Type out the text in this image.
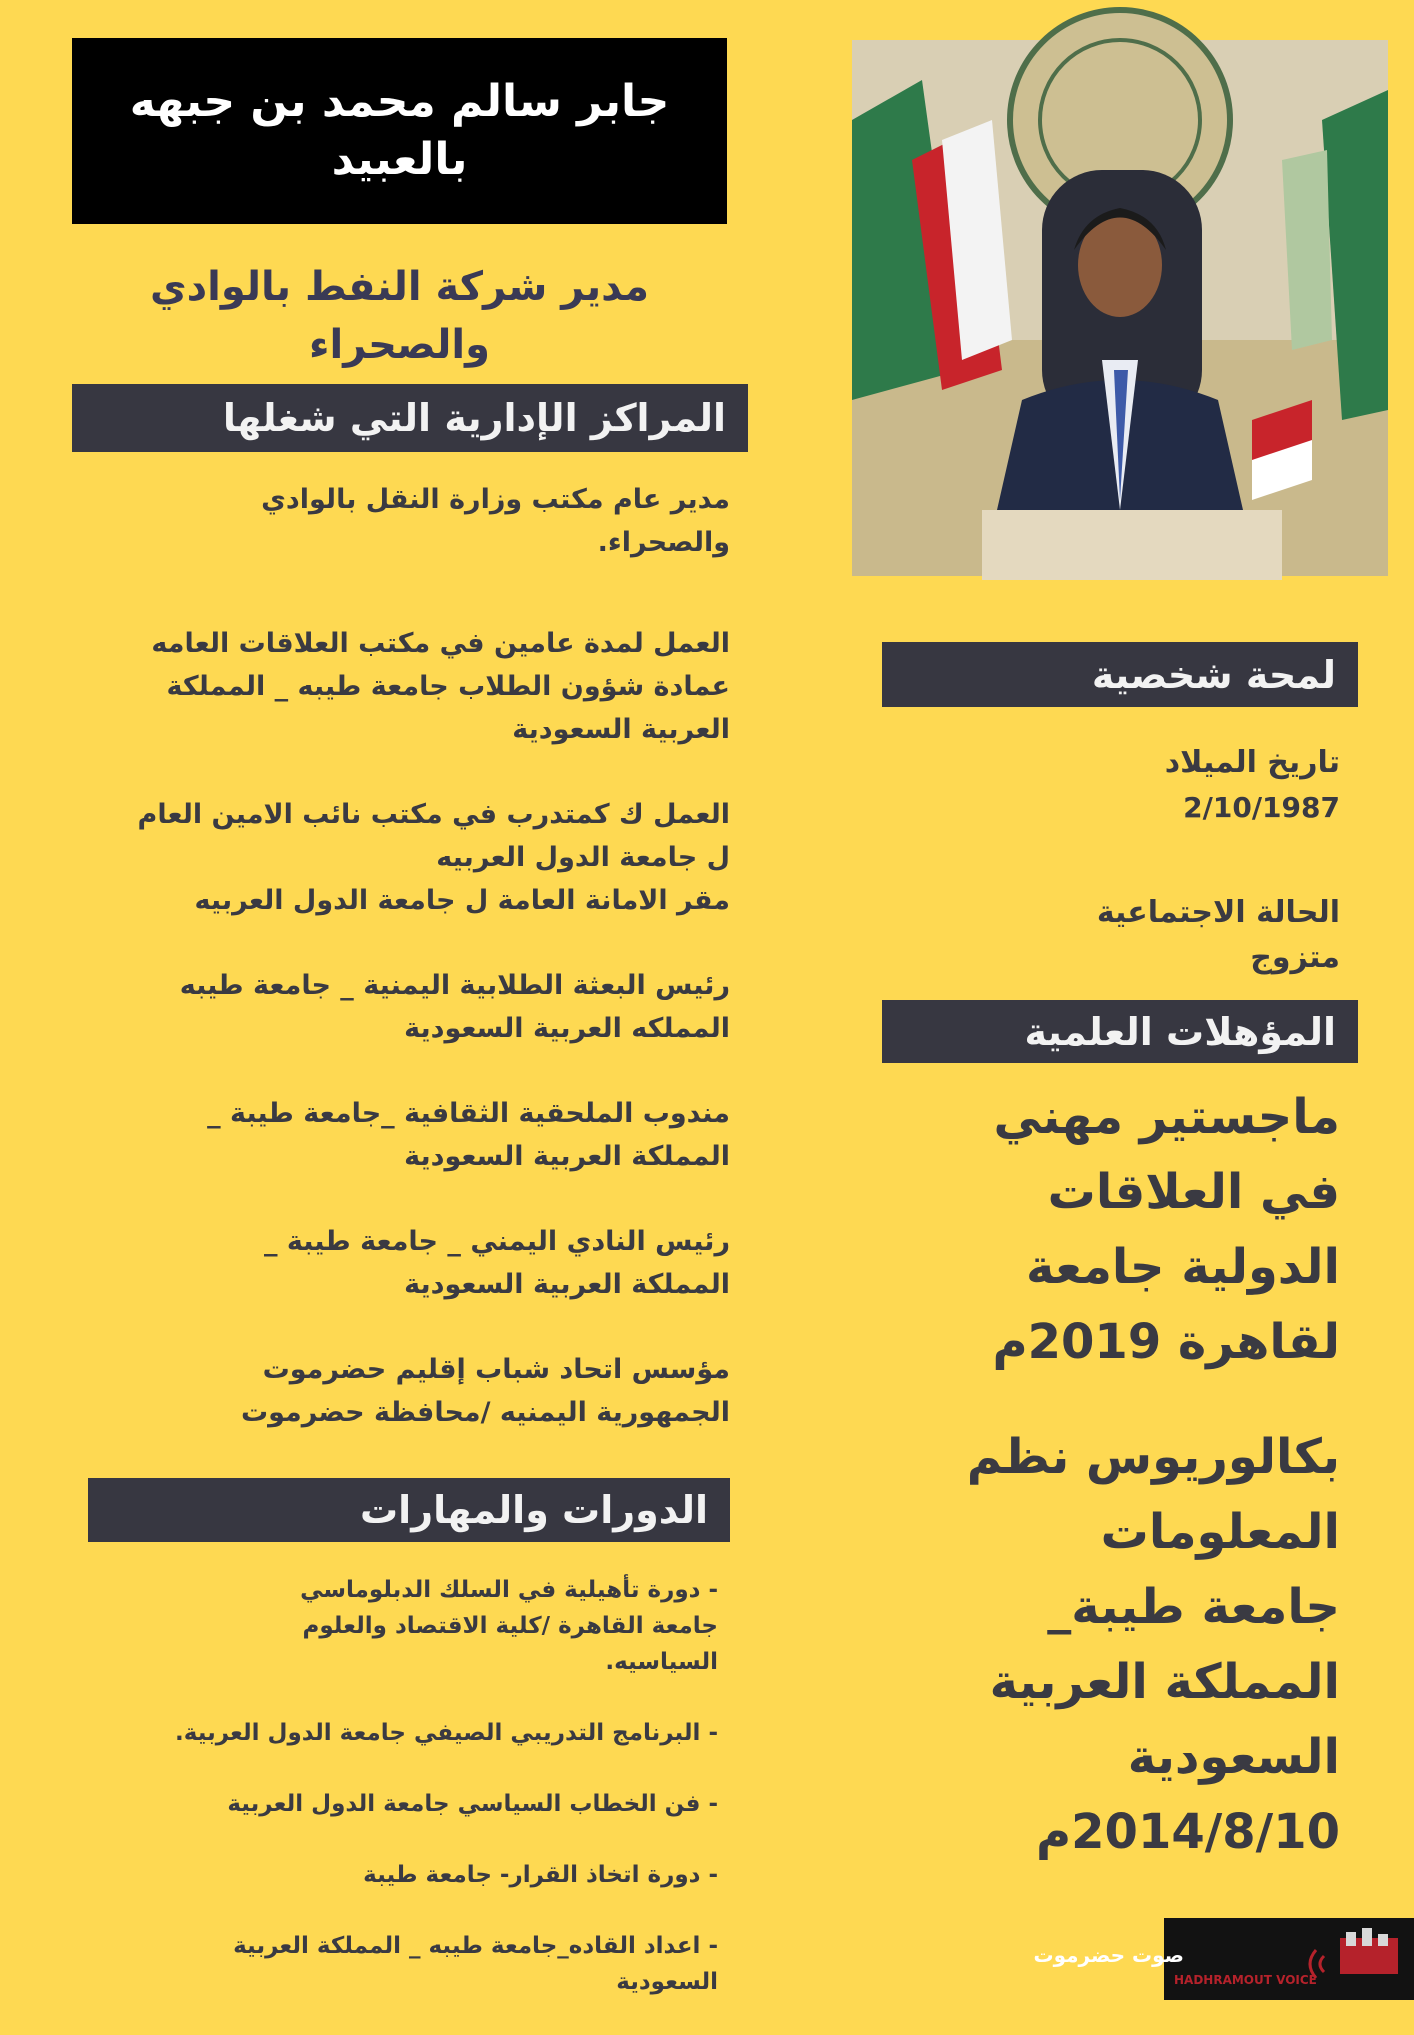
جابر سالم محمد بن جبهه بالعبيد
مدير شركة النفط بالوادي والصحراء
المراكز الإدارية التي شغلها
مدير عام مكتب وزارة النقل بالوادي
والصحراء.
العمل لمدة عامين في مكتب العلاقات العامه
عمادة شؤون الطلاب جامعة طيبه _ المملكة
العربية السعودية
العمل ك كمتدرب في مكتب نائب الامين العام
ل جامعة الدول العربيه
مقر الامانة العامة ل جامعة الدول العربيه
رئيس البعثة الطلابية اليمنية _ جامعة طيبه
المملكه العربية السعودية
مندوب الملحقية الثقافية _جامعة طيبة _
المملكة العربية السعودية
رئيس النادي اليمني _ جامعة طيبة _
المملكة العربية السعودية
مؤسس اتحاد شباب إقليم حضرموت
الجمهورية اليمنيه /محافظة حضرموت
الدورات والمهارات
- دورة تأهيلية في السلك الدبلوماسي
جامعة القاهرة /كلية الاقتصاد والعلوم
السياسيه.
- البرنامج التدريبي الصيفي جامعة الدول العربية.
- فن الخطاب السياسي جامعة الدول العربية
- دورة اتخاذ القرار- جامعة طيبة
- اعداد القاده_جامعة طيبه _ المملكة العربية
السعودية
لمحة شخصية
تاريخ الميلاد
2/10/1987
الحالة الاجتماعية
متزوج
المؤهلات العلمية
ماجستير مهني
في العلاقات
الدولية جامعة
لقاهرة 2019م
بكالوريوس نظم
المعلومات
جامعة طيبة_
المملكة العربية
السعودية
2014/8/10م
صوت حضرموت
HADHRAMOUT VOICE
